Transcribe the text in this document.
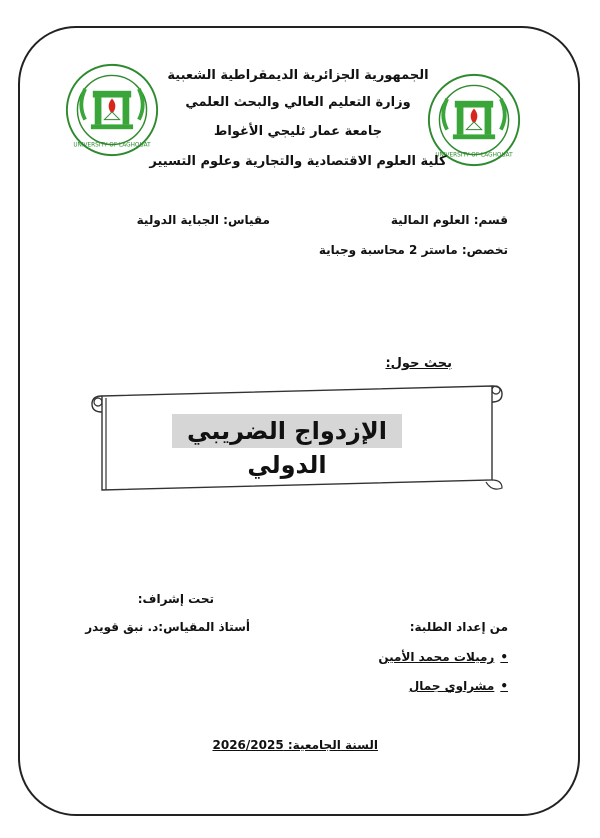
UNIVERSITY OF LAGHOUAT
UNIVERSITY OF LAGHOUAT
الجمهورية الجزائرية الديمقراطية الشعبية
وزارة التعليم العالي والبحث العلمي
جامعة عمار ثليجي الأغواط
كلية العلوم الاقتصادية والتجارية وعلوم التسيير
قسم: العلوم المالية
مقياس: الجباية الدولية
تخصص: ماستر 2 محاسبة وجباية
بحث حول:
الإزدواج الضريبي الدولي
تحت إشراف:
أستاذ المقياس:د. نبق قويدر	من إعداد الطلبة:
• رميلات محمد الأمين
• مشراوي جمال
السنة الجامعية: 2026/2025
